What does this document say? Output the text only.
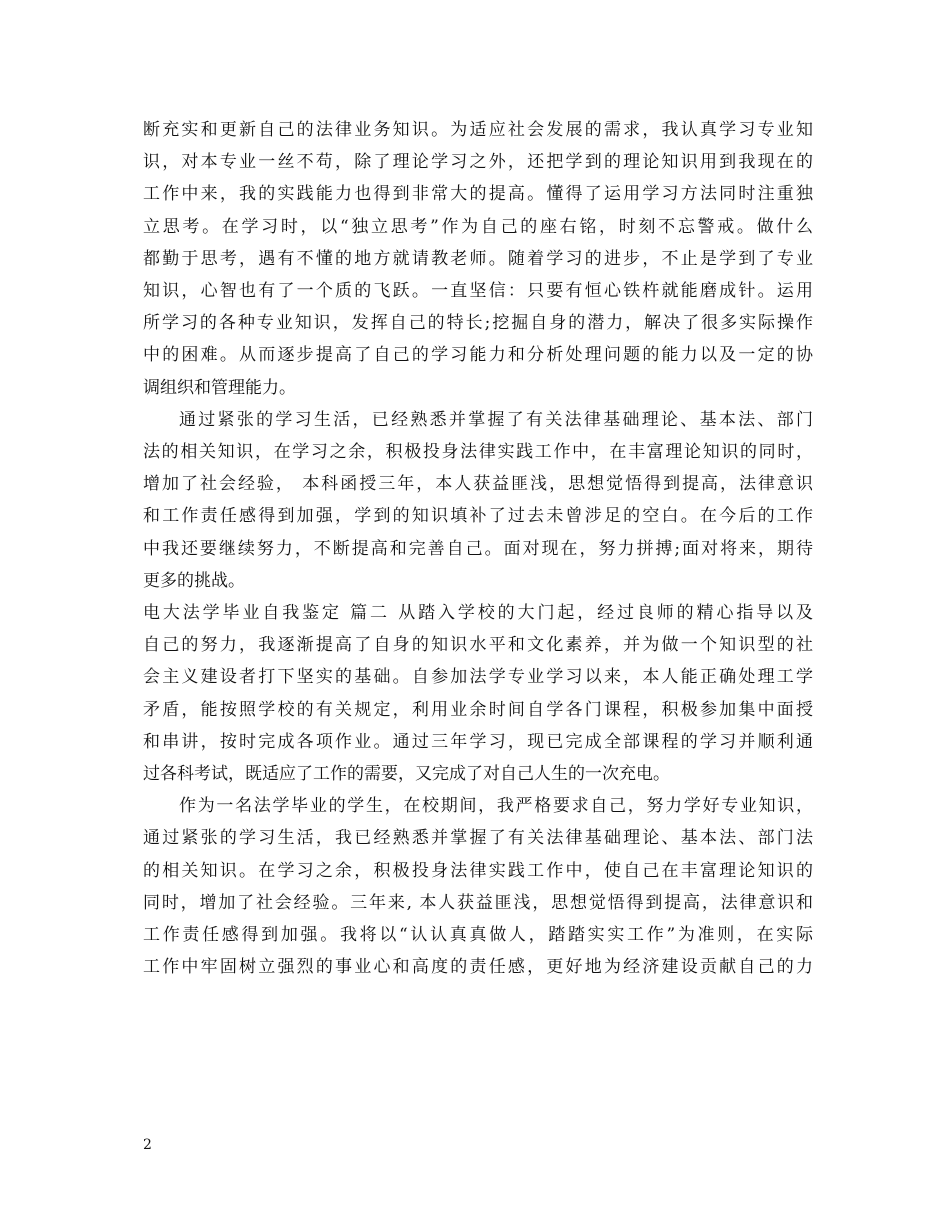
断充实和更新自己的法律业务知识。为适应社会发展的需求，我认真学习专业知
识，对本专业一丝不苟，除了理论学习之外，还把学到的理论知识用到我现在的
工作中来，我的实践能力也得到非常大的提高。懂得了运用学习方法同时注重独
立思考。在学习时，以“独立思考”作为自己的座右铭，时刻不忘警戒。做什么
都勤于思考，遇有不懂的地方就请教老师。随着学习的进步，不止是学到了专业
知识，心智也有了一个质的飞跃。一直坚信：只要有恒心铁杵就能磨成针。运用
所学习的各种专业知识，发挥自己的特长;挖掘自身的潜力，解决了很多实际操作
中的困难。从而逐步提高了自己的学习能力和分析处理问题的能力以及一定的协
调组织和管理能力。

通过紧张的学习生活，已经熟悉并掌握了有关法律基础理论、基本法、部门
法的相关知识，在学习之余，积极投身法律实践工作中，在丰富理论知识的同时，
增加了社会经验， 本科函授三年，本人获益匪浅，思想觉悟得到提高，法律意识
和工作责任感得到加强，学到的知识填补了过去未曾涉足的空白。在今后的工作
中我还要继续努力，不断提高和完善自己。面对现在，努力拼搏;面对将来，期待
更多的挑战。

电大法学毕业自我鉴定 篇二 从踏入学校的大门起，经过良师的精心指导以及
自己的努力，我逐渐提高了自身的知识水平和文化素养，并为做一个知识型的社
会主义建设者打下坚实的基础。自参加法学专业学习以来，本人能正确处理工学
矛盾，能按照学校的有关规定，利用业余时间自学各门课程，积极参加集中面授
和串讲，按时完成各项作业。通过三年学习，现已完成全部课程的学习并顺利通
过各科考试，既适应了工作的需要，又完成了对自己人生的一次充电。

作为一名法学毕业的学生，在校期间，我严格要求自己，努力学好专业知识，
通过紧张的学习生活，我已经熟悉并掌握了有关法律基础理论、基本法、部门法
的相关知识。在学习之余，积极投身法律实践工作中，使自己在丰富理论知识的
同时，增加了社会经验。三年来, 本人获益匪浅，思想觉悟得到提高，法律意识和
工作责任感得到加强。我将以“认认真真做人，踏踏实实工作”为准则，在实际
工作中牢固树立强烈的事业心和高度的责任感，更好地为经济建设贡献自己的力

2
